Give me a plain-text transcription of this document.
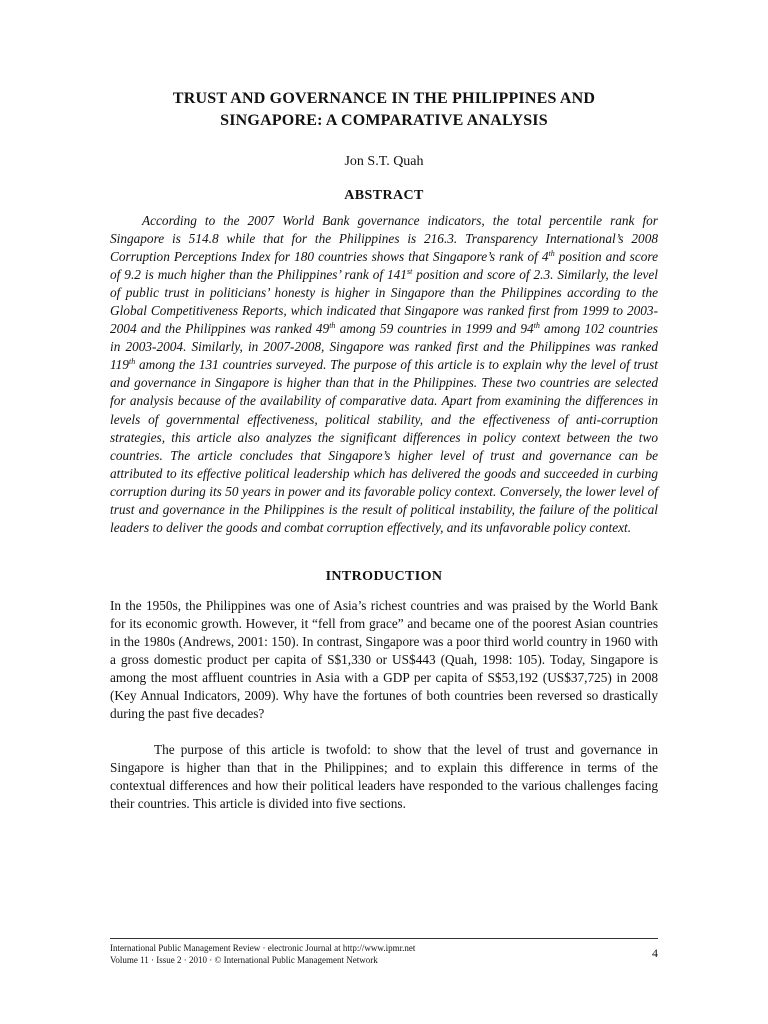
TRUST AND GOVERNANCE IN THE PHILIPPINES AND
SINGAPORE: A COMPARATIVE ANALYSIS
Jon S.T. Quah
ABSTRACT

According to the 2007 World Bank governance indicators, the total percentile rank for Singapore is 514.8 while that for the Philippines is 216.3. Transparency International’s 2008 Corruption Perceptions Index for 180 countries shows that Singapore’s rank of 4th position and score of 9.2 is much higher than the Philippines’ rank of 141st position and score of 2.3. Similarly, the level of public trust in politicians’ honesty is higher in Singapore than the Philippines according to the Global Competitiveness Reports, which indicated that Singapore was ranked first from 1999 to 2003-2004 and the Philippines was ranked 49th among 59 countries in 1999 and 94th among 102 countries in 2003-2004. Similarly, in 2007-2008, Singapore was ranked first and the Philippines was ranked 119th among the 131 countries surveyed. The purpose of this article is to explain why the level of trust and governance in Singapore is higher than that in the Philippines. These two countries are selected for analysis because of the availability of comparative data. Apart from examining the differences in levels of governmental effectiveness, political stability, and the effectiveness of anti-corruption strategies, this article also analyzes the significant differences in policy context between the two countries. The article concludes that Singapore’s higher level of trust and governance can be attributed to its effective political leadership which has delivered the goods and succeeded in curbing corruption during its 50 years in power and its favorable policy context. Conversely, the lower level of trust and governance in the Philippines is the result of political instability, the failure of the political leaders to deliver the goods and combat corruption effectively, and its unfavorable policy context.

INTRODUCTION

In the 1950s, the Philippines was one of Asia’s richest countries and was praised by the World Bank for its economic growth. However, it “fell from grace” and became one of the poorest Asian countries in the 1980s (Andrews, 2001: 150). In contrast, Singapore was a poor third world country in 1960 with a gross domestic product per capita of S$1,330 or US$443 (Quah, 1998: 105). Today, Singapore is among the most affluent countries in Asia with a GDP per capita of S$53,192 (US$37,725) in 2008 (Key Annual Indicators, 2009). Why have the fortunes of both countries been reversed so drastically during the past five decades?

The purpose of this article is twofold: to show that the level of trust and governance in Singapore is higher than that in the Philippines; and to explain this difference in terms of the contextual differences and how their political leaders have responded to the various challenges facing their countries. This article is divided into five sections.

International Public Management Review · electronic Journal at http://www.ipmr.net
Volume 11 · Issue 2 · 2010 · © International Public Management Network	4
